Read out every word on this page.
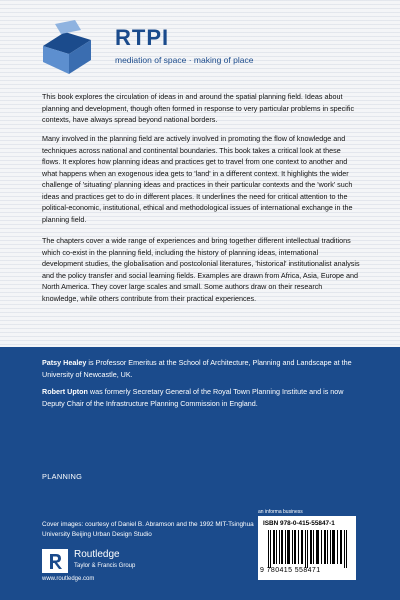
RTPI
mediation of space · making of place
This book explores the circulation of ideas in and around the spatial planning field. Ideas about planning and development, though often formed in response to very particular problems in specific contexts, have always spread beyond national borders.
Many involved in the planning field are actively involved in promoting the flow of knowledge and techniques across national and continental boundaries. This book takes a critical look at these flows. It explores how planning ideas and practices get to travel from one context to another and what happens when an exogenous idea gets to 'land' in a different context. It highlights the wider challenge of 'situating' planning ideas and practices in their particular contexts and the 'work' such ideas and practices get to do in different places. It underlines the need for critical attention to the political-economic, institutional, ethical and methodological issues of international exchange in the planning field.
The chapters cover a wide range of experiences and bring together different intellectual traditions which co-exist in the planning field, including the history of planning ideas, international development studies, the globalisation and postcolonial literatures, 'historical' institutionalist analysis and the policy transfer and social learning fields. Examples are drawn from Africa, Asia, Europe and North America. They cover large scales and small. Some authors draw on their research knowledge, while others contribute from their practical experiences.
Patsy Healey is Professor Emeritus at the School of Architecture, Planning and Landscape at the University of Newcastle, UK.
Robert Upton was formerly Secretary General of the Royal Town Planning Institute and is now Deputy Chair of the Infrastructure Planning Commission in England.
PLANNING
Cover images: courtesy of Daniel B. Abramson and the 1992 MIT-Tsinghua University Beijing Urban Design Studio
Routledge
Taylor & Francis Group
www.routledge.com
an informa business
ISBN 978-0-415-55847-1
9 780415 558471
